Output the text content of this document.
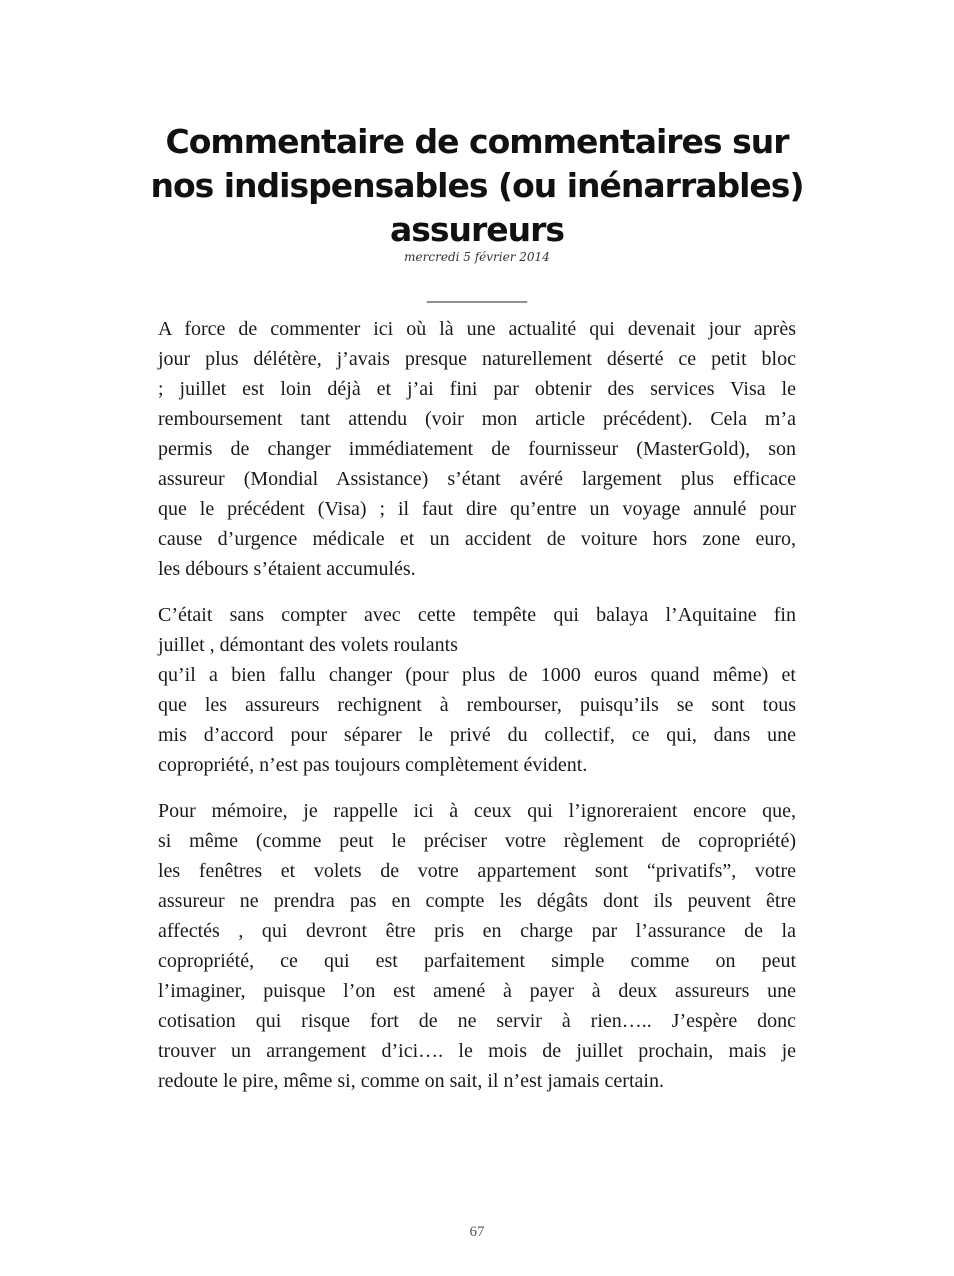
Commentaire de commentaires sur nos indispensables (ou inénarrables) assureurs
mercredi 5 février 2014
__________

A force de commenter ici où là une actualité qui devenait jour après
jour plus délétère, j’avais presque naturellement déserté ce petit bloc
; juillet est loin déjà et j’ai fini par obtenir des services Visa le
remboursement tant attendu (voir mon article précédent). Cela m’a
permis de changer immédiatement de fournisseur (MasterGold), son
assureur (Mondial Assistance) s’étant avéré largement plus efficace
que le précédent (Visa) ; il faut dire qu’entre un voyage annulé pour
cause d’urgence médicale et un accident de voiture hors zone euro,
les débours s’étaient accumulés.

C’était sans compter avec cette tempête qui balaya l’Aquitaine fin
juillet , démontant des volets roulants
qu’il a bien fallu changer (pour plus de 1000 euros quand même) et
que les assureurs rechignent à rembourser, puisqu’ils se sont tous
mis d’accord pour séparer le privé du collectif, ce qui, dans une
copropriété, n’est pas toujours complètement évident.

Pour mémoire, je rappelle ici à ceux qui l’ignoreraient encore que,
si même (comme peut le préciser votre règlement de copropriété)
les fenêtres et volets de votre appartement sont “privatifs”, votre
assureur ne prendra pas en compte les dégâts dont ils peuvent être
affectés , qui devront être pris en charge par l’assurance de la
copropriété, ce qui est parfaitement simple comme on peut
l’imaginer, puisque l’on est amené à payer à deux assureurs une
cotisation qui risque fort de ne servir à rien….. J’espère donc
trouver un arrangement d’ici…. le mois de juillet prochain, mais je
redoute le pire, même si, comme on sait, il n’est jamais certain.

67
